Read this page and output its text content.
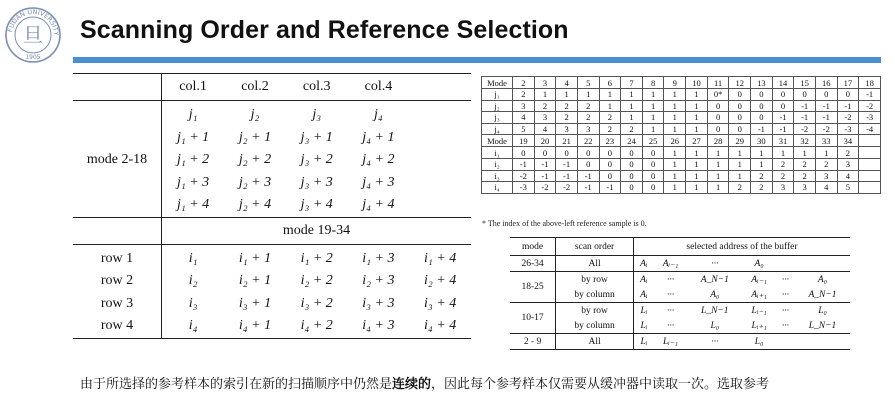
FUDAN UNIVERSITY
旦
1905
Scanning Order and Reference Selection
	col.1	col.2	col.3	col.4	
mode 2-18	j₁	j₂	j₃	j₄	
	j₁ + 1	j₂ + 1	j₃ + 1	j₄ + 1	
	j₁ + 2	j₂ + 2	j₃ + 2	j₄ + 2	
	j₁ + 3	j₂ + 3	j₃ + 3	j₄ + 3	
	j₁ + 4	j₂ + 4	j₃ + 4	j₄ + 4	
	mode 19-34				
row 1	i₁	i₁ + 1	i₁ + 2	i₁ + 3	i₁ + 4
row 2	i₂	i₂ + 1	i₂ + 2	i₂ + 3	i₂ + 4
row 3	i₃	i₃ + 1	i₃ + 2	i₃ + 3	i₃ + 4
row 4	i₄	i₄ + 1	i₄ + 2	i₄ + 3	i₄ + 4
Mode	2	3	4	5	6	7	8	9	10	11	12	13	14	15	16	17	18
j₁	2	1	1	1	1	1	1	1	1	0*	0	0	0	0	0	0	-1
j₂	3	2	2	2	1	1	1	1	1	0	0	0	0	-1	-1	-1	-2
j₃	4	3	2	2	2	1	1	1	1	0	0	0	-1	-1	-1	-2	-3
j₄	5	4	3	3	2	2	1	1	1	0	0	-1	-1	-2	-2	-3	-4
Mode	19	20	21	22	23	24	25	26	27	28	29	30	31	32	33	34	
i₁	0	0	0	0	0	0	0	1	1	1	1	1	1	1	1	2	
i₂	-1	-1	-1	0	0	0	0	1	1	1	1	1	2	2	2	3	
i₃	-2	-1	-1	-1	0	0	0	1	1	1	1	2	2	2	3	4	
i₄	-3	-2	-2	-1	-1	0	0	1	1	1	2	2	3	3	4	5	
* The index of the above-left reference sample is 0.
mode	scan order	selected address of the buffer					
26-34	All	Aᵢ	Aᵢ₋₁	···	A₀		
18-25	by row	Aᵢ	···	A_N−1	Aᵢ₋₁	···	A₀
	by column	Aᵢ	···	A₀	Aᵢ₊₁	···	A_N−1
10-17	by row	Lᵢ	···	L_N−1	Lᵢ₋₁	···	L₀
	by column	Lᵢ	···	L₀	Lᵢ₊₁	···	L_N−1
2 - 9	All	Lᵢ	Lᵢ₋₁	···	L₀		
由于所选择的参考样本的索引在新的扫描顺序中仍然是连续的，因此每个参考样本仅需要从缓冲器中读取一次。选取参考
